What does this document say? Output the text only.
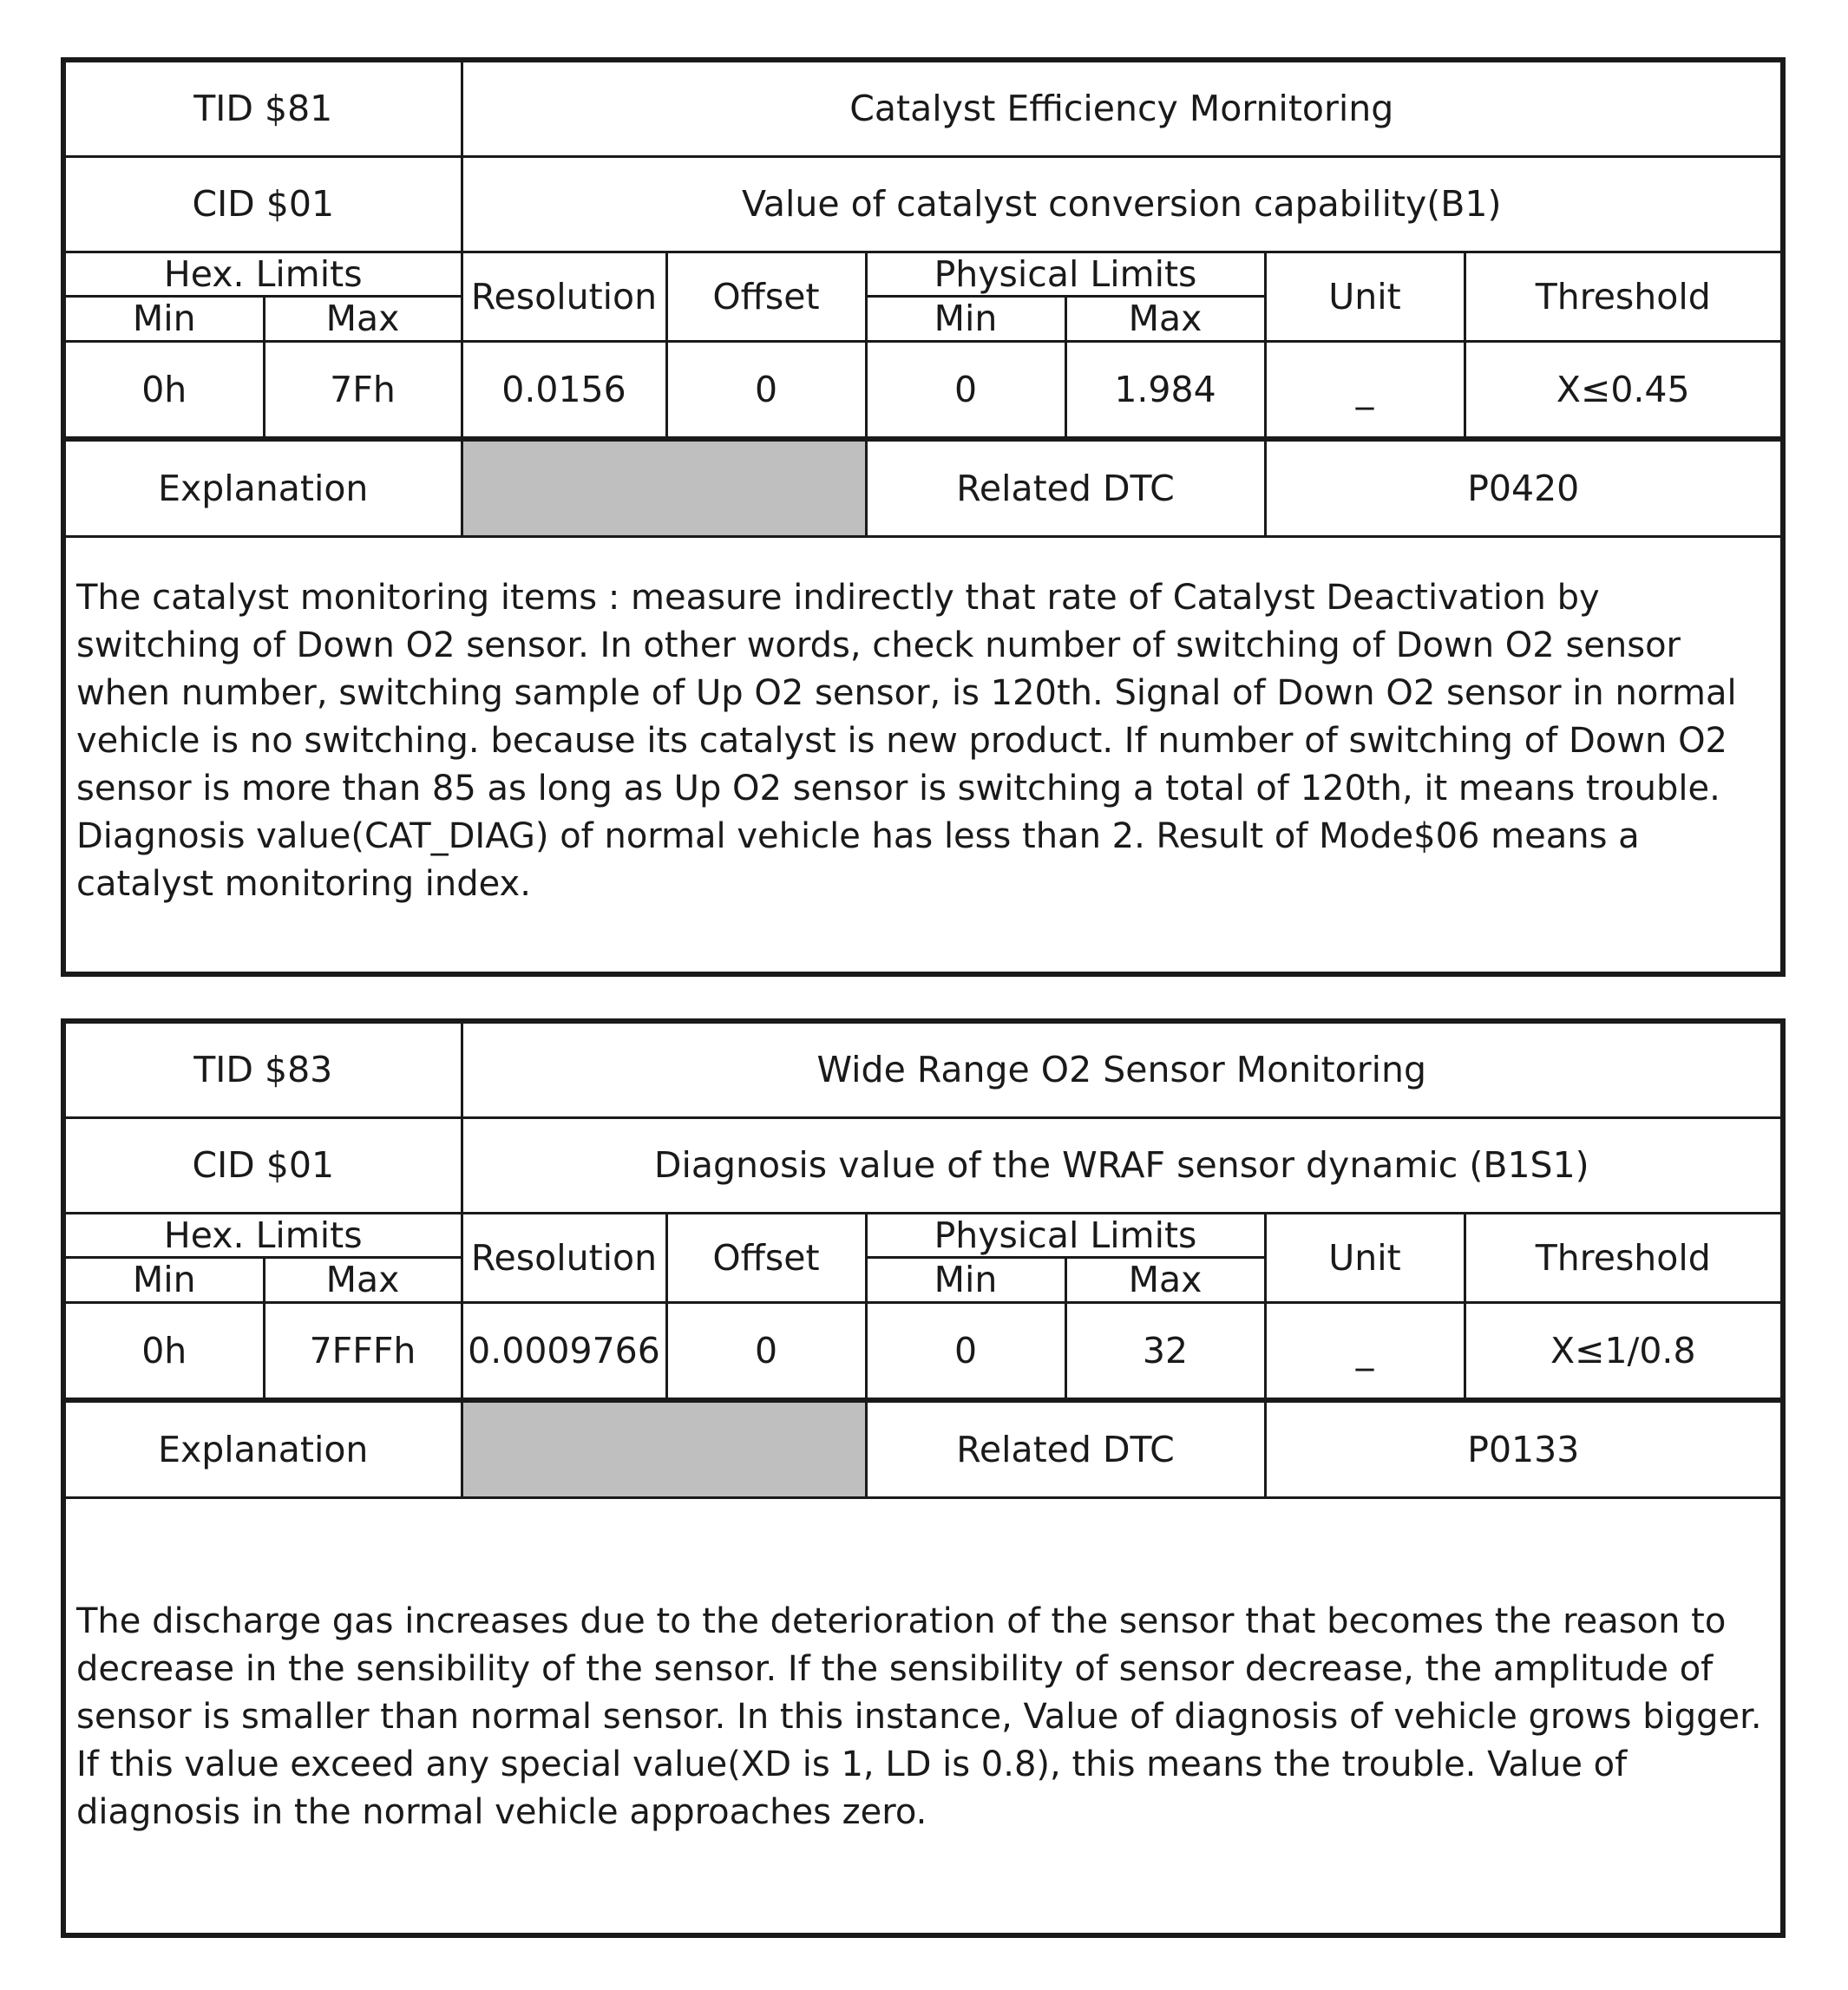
TID $81		Catalyst Efficiency Mornitoring					
CID $01		Value of catalyst conversion capability(B1)					
Hex. Limits		Resolution	Offset	Physical Limits		Unit	Threshold
Min	Max			Min	Max		
0h	7Fh	0.0156	0	0	1.984	_	X≤0.45
Explanation				Related DTC		P0420	
The catalyst monitoring items : measure indirectly that rate of Catalyst Deactivation by switching of Down O2 sensor. In other words, check number of switching of Down O2 sensor when number, switching sample of Up O2 sensor, is 120th. Signal of Down O2 sensor in normal vehicle is no switching. because its catalyst is new product. If number of switching of Down O2 sensor is more than 85 as long as Up O2 sensor is switching a total of 120th, it means trouble. Diagnosis value(CAT_DIAG) of normal vehicle has less than 2. Result of Mode$06 means a catalyst monitoring index.
TID $83		Wide Range O2 Sensor Monitoring					
CID $01		Diagnosis value of the WRAF sensor dynamic (B1S1)					
Hex. Limits		Resolution	Offset	Physical Limits		Unit	Threshold
Min	Max			Min	Max		
0h	7FFFh	0.0009766	0	0	32	_	X≤1/0.8
Explanation				Related DTC		P0133	
The discharge gas increases due to the deterioration of the sensor that becomes the reason to decrease in the sensibility of the sensor. If the sensibility of sensor decrease, the amplitude of sensor is smaller than normal sensor. In this instance, Value of diagnosis of vehicle grows bigger. If this value exceed any special value(XD is 1, LD is 0.8), this means the trouble. Value of diagnosis in the normal vehicle approaches zero.
